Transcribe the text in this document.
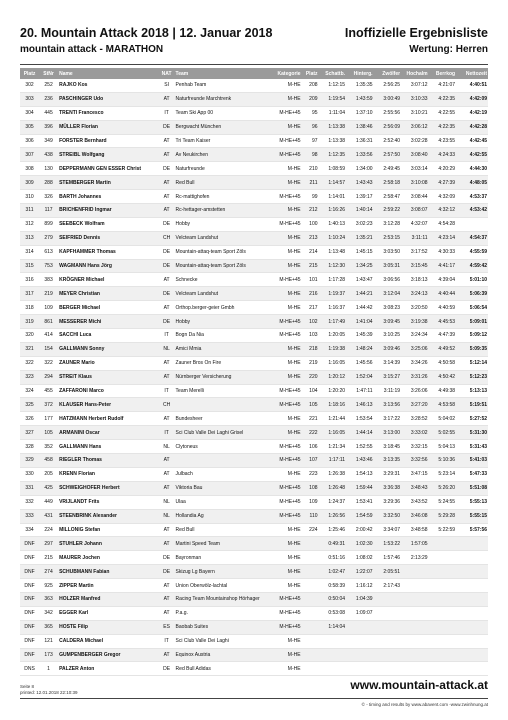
20. Mountain Attack 2018 | 12. Januar 2018	Inoffizielle Ergebnisliste
mountain attack - MARATHON	Wertung: Herren
Platz	StNr	Name	NAT	Team	Kategorie	Platz	Schattb.	Hinterg.	Zwölfer	Hochalm	Berrkog	Nettozeit
302	252	RAJKO Kos	SI	Penhab Team	M-HE	208	1:12:15	1:35:35	2:56:25	3:07:12	4:21:07	4:40:51
303	236	PASCHINGER Udo	AT	Naturfreunde Marchtrenk	M-HE	209	1:19:54	1:43:59	3:00:49	3:10:33	4:22:35	4:42:09
304	445	TRENTI Francesco	IT	Team Ski App 00	M-HE+45	95	1:11:04	1:37:10	2:55:56	3:10:21	4:22:55	4:42:19
305	396	MÜLLER Florian	DE	Bergwacht München	M-HE	96	1:13:38	1:38:46	2:56:09	3:06:12	4:22:35	4:42:28
306	349	FORSTER Bernhard	AT	Tri Team Kaiser	M-HE+45	97	1:13:38	1:36:31	2:52:40	3:02:28	4:23:55	4:42:45
307	438	STREIBL Wolfgang	AT	Av Neukirchen	M-HE+45	98	1:12:35	1:33:56	2:57:50	3:08:40	4:24:33	4:42:55
308	130	DEPPERMANN GEN ESSER Christ	DE	Naturfreunde	M-HE	210	1:08:59	1:34:00	2:49:45	3:03:14	4:20:29	4:44:30
309	288	STEMBERGER Martin	AT	Red Bull	M-HE	211	1:14:57	1:43:43	2:58:18	3:10:08	4:27:39	4:48:05
310	326	BARTH Johannes	AT	Rc-mattighofen	M-HE+45	99	1:14:01	1:39:17	2:58:47	3:08:44	4:32:09	4:53:37
311	117	BRICHENFRID Ingmar	AT	Rc-hettager-amstetten	M-HE	212	1:16:26	1:40:14	2:59:22	3:08:07	4:32:12	4:53:42
312	899	SEEBECK Wolfram	DE	Hobby	M-HE+45	100	1:40:13	3:02:23	3:12:28	4:32:07	4:54:28	
313	279	SEIFRIED Dennis	CH	Velcteam Landshut	M-HE	213	1:10:24	1:35:21	2:53:15	3:11:11	4:23:14	4:54:37
314	613	KAPFHAMMER Thomas	DE	Mountain-attaq-team Sport Zöls	M-HE	214	1:13:48	1:45:15	3:03:50	3:17:52	4:30:33	4:55:59
315	753	WAGMANN Hans Jörg	DE	Mountain-attaq-team Sport Zöls	M-HE	215	1:12:30	1:34:25	3:05:31	3:15:45	4:41:17	4:59:42
316	383	KRÖGNER Michael	AT	Schnecke	M-HE+45	101	1:17:28	1:43:47	3:06:56	3:18:13	4:39:04	5:01:10
317	219	MEYER Christian	DE	Velcteam Landshut	M-HE	216	1:19:37	1:44:21	3:12:04	3:24:13	4:40:44	5:06:39
318	109	BERGER Michael	AT	Orthop.berger-geier Gmbh	M-HE	217	1:16:37	1:44:42	3:08:23	3:20:50	4:40:59	5:06:54
319	861	MESSERER Michi	DE	Hobby	M-HE+45	102	1:17:49	1:41:04	3:09:45	3:19:38	4:45:53	5:09:01
320	414	SACCHI Luca	IT	Bogn Da Nia	M-HE+45	103	1:20:05	1:45:39	3:10:25	3:24:34	4:47:39	5:09:12
321	154	GALLMANN Sonny	NL	Amici Mmia	M-HE	218	1:19:38	1:48:24	3:09:46	3:25:06	4:49:52	5:09:35
322	322	ZAUNER Mario	AT	Zauner Bros On Fire	M-HE	219	1:16:05	1:45:56	3:14:39	3:34:26	4:50:58	5:12:14
323	294	STREIT Klaus	AT	Nürnberger Versicherung	M-HE	220	1:20:12	1:52:04	3:15:27	3:31:26	4:50:42	5:12:23
324	455	ZAFFARONI Marco	IT	Team Merelli	M-HE+45	104	1:20:20	1:47:11	3:11:19	3:26:06	4:49:38	5:13:13
325	372	KLAUSER Hans-Peter	CH		M-HE+45	105	1:18:16	1:46:13	3:13:56	3:27:20	4:53:58	5:19:51
326	177	HATZMANN Herbert Rudolf	AT	Bundesheer	M-HE	221	1:21:44	1:53:54	3:17:22	3:28:52	5:04:02	5:27:52
327	105	ARMANINI Oscar	IT	Sci Club Valle Dei Laghi Grisel	M-HE	222	1:16:05	1:44:14	3:13:00	3:33:02	5:02:55	5:31:30
328	352	GALLMANN Hans	NL	Clytoneus	M-HE+45	106	1:21:34	1:52:55	3:18:45	3:32:15	5:04:13	5:31:43
329	458	RIEGLER Thomas	AT		M-HE+45	107	1:17:11	1:43:46	3:13:35	3:32:56	5:10:36	5:41:03
330	205	KRENN Florian	AT	Julbach	M-HE	223	1:26:38	1:54:13	3:29:31	3:47:15	5:23:14	5:47:33
331	425	SCHWEIGHOFER Herbert	AT	Viktoria Bau	M-HE+45	108	1:26:48	1:59:44	3:36:38	3:48:43	5:26:20	5:51:08
332	449	VRIJLANDT Frits	NL	Ulaa	M-HE+45	109	1:24:37	1:53:41	3:29:36	3:43:52	5:24:55	5:55:13
333	431	STEENBRINK Alexander	NL	Hollandia Ag	M-HE+45	110	1:26:56	1:54:59	3:32:50	3:46:08	5:29:28	5:55:15
334	224	MILLONIG Stefan	AT	Red Bull	M-HE	224	1:25:46	2:00:42	3:34:07	3:48:58	5:22:59	5:57:56
DNF	297	STUHLER Johann	AT	Martini Speed Team	M-HE		0:49:31	1:02:30	1:53:22	1:57:05		
DNF	215	MAURER Jochen	DE	Bayronman	M-HE		0:51:16	1:08:02	1:57:46	2:13:29		
DNF	274	SCHUBMANN Fabian	DE	Skizug Lg Bayern	M-HE		1:02:47	1:22:07	2:05:51			
DNF	925	ZIPPER Martin	AT	Union Oberwölz-lachtal	M-HE		0:58:39	1:16:12	2:17:43			
DNF	363	HOLZER Manfred	AT	Racing Team Mountainshop Hörhager	M-HE+45		0:50:04	1:04:39				
DNF	342	EGGER Karl	AT	P.a.g.	M-HE+45		0:53:08	1:09:07				
DNF	365	HOSTE Filip	ES	Baobab Suites	M-HE+45		1:14:04					
DNF	121	CALDERA Michael	IT	Sci Club Valle Dei Laghi	M-HE							
DNF	173	GUMPENBERGER Gregor	AT	Equinox Austria	M-HE							
DNS	1	PALZER Anton	DE	Red Bull Adidas	M-HE							
Seite 8
printed: 12.01.2018 22:10:39
www.mountain-attack.at
© - timing and results by www.abavent.com -www.zwinhnung.at
